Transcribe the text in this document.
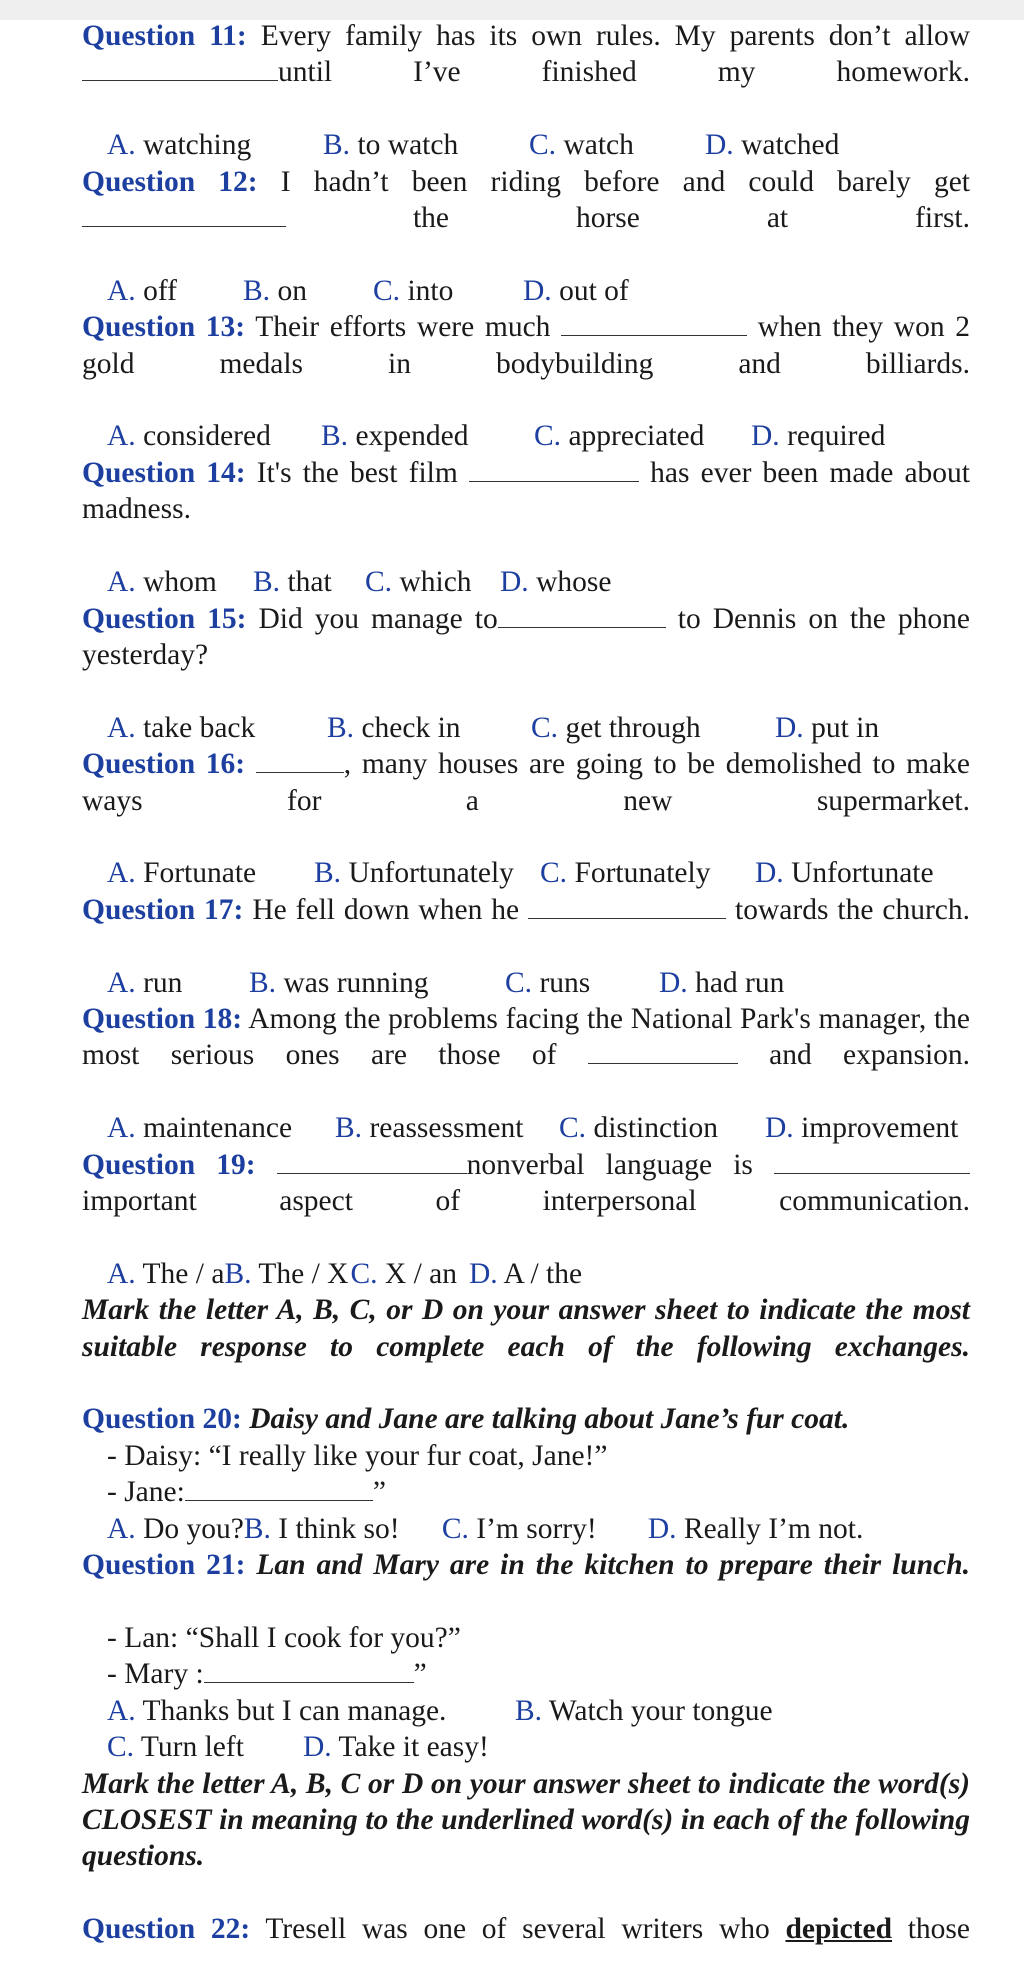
Question 11: Every family has its own rules. My parents don’t allowuntil I’ve finished my homework.
A. watching B. to watch C. watch D. watched
Question 12: I hadn’t been riding before and could barely get  the horse at first.
A. off B. on C. into D. out of
Question 13: Their efforts were much	when they won 2 gold medals in bodybuilding and billiards.
A. considered B. expended C. appreciated D. required
Question 14: It's the best film	has ever been made about madness.
A. whom B. that C. which D. whose
Question 15: Did you manage to	to Dennis on the phone yesterday?
A. take back B. check in C. get through	D. put in
Question 16:	, many houses are going to be demolished to make ways for a new supermarket.
A. Fortunate B. Unfortunately C. Fortunately D. Unfortunate
Question 17: He fell down when he	towards the church.
A. run B. was running	C. runs D. had run
Question 18: Among the problems facing the National Park's manager, the most serious ones are those of	and expansion.
A. maintenance B. reassessment C. distinction D. improvement
Question 19:	nonverbal language is  important aspect of interpersonal communication.
A. The / aB. The / XC. X / an D. A / the
Mark the letter A, B, C, or D on your answer sheet to indicate the most suitable response to complete each of the following exchanges.
Question 20: Daisy and Jane are talking about Jane’s fur coat.
- Daisy: “I really like your fur coat, Jane!”
- Jane:	”
A. Do you?B. I think so! C. I’m sorry! D. Really I’m not.
Question 21: Lan and Mary are in the kitchen to prepare their lunch.
- Lan: “Shall I cook for you?”
- Mary :	”
A. Thanks but I can manage. B. Watch your tongue
C. Turn left D. Take it easy!
Mark the letter A, B, C or D on your answer sheet to indicate the word(s) CLOSEST in meaning to the underlined word(s) in each of the following questions.
Question 22: Tresell was one of several writers who depicted those
